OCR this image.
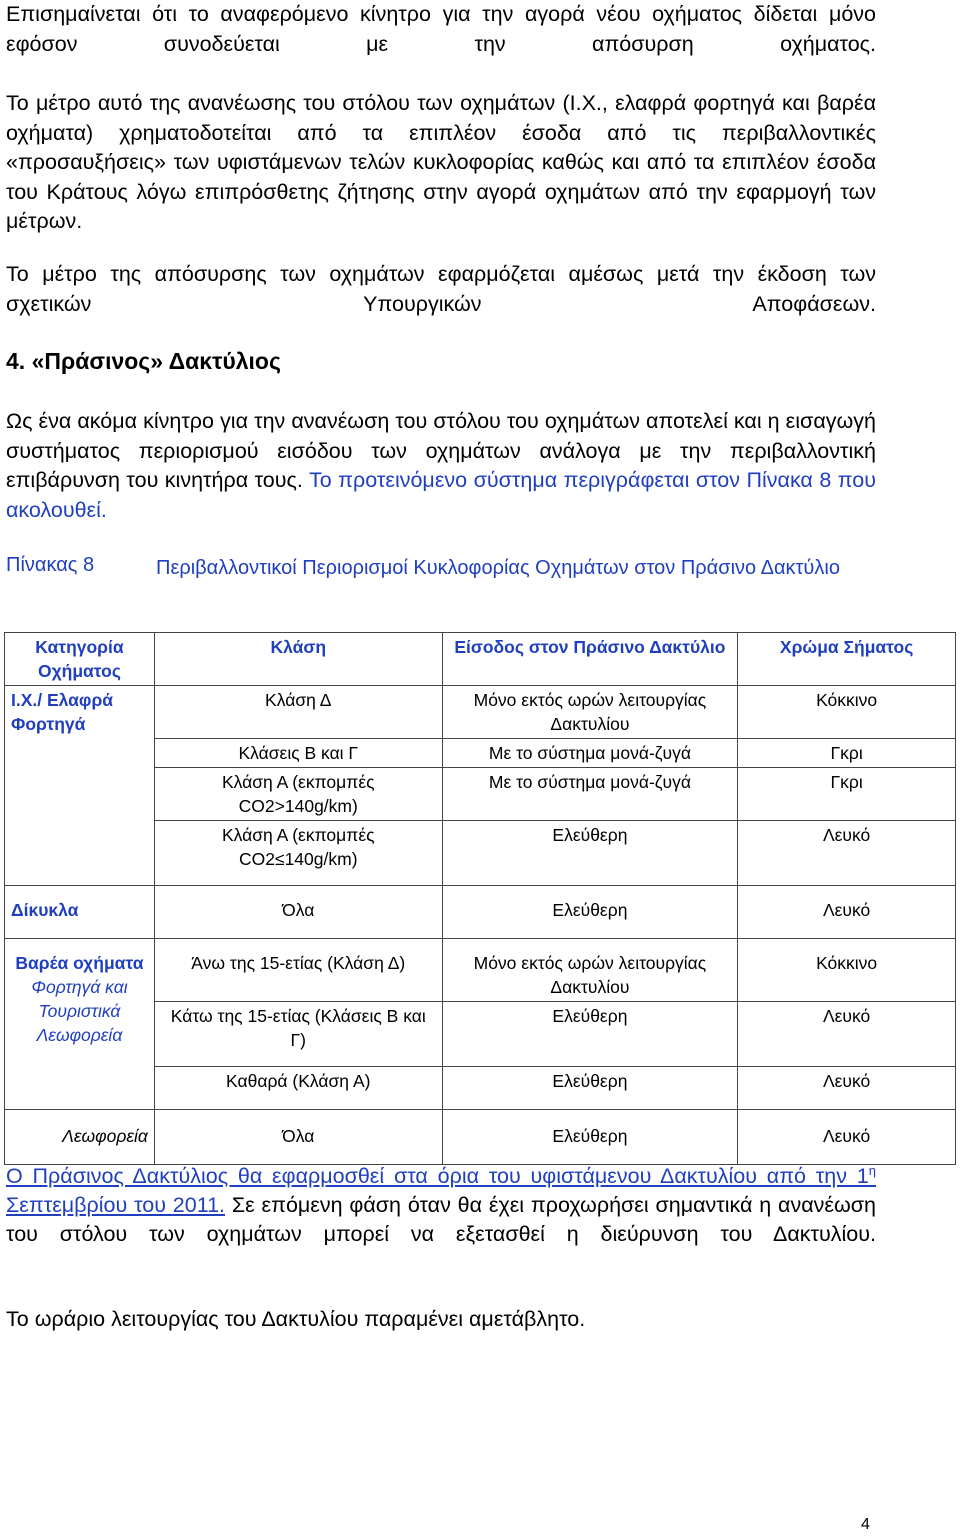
Επισημαίνεται ότι το αναφερόμενο κίνητρο για την αγορά νέου οχήματος δίδεται μόνο εφόσον συνοδεύεται με την απόσυρση οχήματος.

Το μέτρο αυτό της ανανέωσης του στόλου των οχημάτων (Ι.Χ., ελαφρά φορτηγά και βαρέα οχήματα) χρηματοδοτείται από τα επιπλέον έσοδα από τις περιβαλλοντικές «προσαυξήσεις» των υφιστάμενων τελών κυκλοφορίας καθώς και από τα επιπλέον έσοδα του Κράτους λόγω επιπρόσθετης ζήτησης στην αγορά οχημάτων από την εφαρμογή των μέτρων.

Το μέτρο της απόσυρσης των οχημάτων εφαρμόζεται αμέσως μετά την έκδοση των σχετικών Υπουργικών Αποφάσεων.

4. «Πράσινος» Δακτύλιος

Ως ένα ακόμα κίνητρο για την ανανέωση του στόλου του οχημάτων αποτελεί και η εισαγωγή συστήματος περιορισμού εισόδου των οχημάτων ανάλογα με την περιβαλλοντική επιβάρυνση του κινητήρα τους. Το προτεινόμενο σύστημα περιγράφεται στον Πίνακα 8 που ακολουθεί.

Πίνακας 8	Περιβαλλοντικοί Περιορισμοί Κυκλοφορίας Οχημάτων στον Πράσινο Δακτύλιο
Κατηγορία Οχήματος	Κλάση	Είσοδος στον Πράσινο Δακτύλιο	Χρώμα Σήματος
Ι.Χ./ Ελαφρά Φορτηγά	Κλάση Δ	Μόνο εκτός ωρών λειτουργίας Δακτυλίου	Κόκκινο
	Κλάσεις Β και Γ	Με το σύστημα μονά-ζυγά	Γκρι
	Κλάση Α (εκπομπές CO2>140g/km)	Με το σύστημα μονά-ζυγά	Γκρι
	Κλάση Α (εκπομπές CO2≤140g/km)	Ελεύθερη	Λευκό
Δίκυκλα	Όλα	Ελεύθερη	Λευκό

Βαρέα οχήματα
Φορτηγά και Τουριστικά Λεωφορεία	Άνω της 15-ετίας (Κλάση Δ)	Μόνο εκτός ωρών λειτουργίας Δακτυλίου	Κόκκινο
	Κάτω της 15-ετίας (Κλάσεις Β και Γ)	Ελεύθερη	Λευκό
	Καθαρά (Κλάση Α)	Ελεύθερη	Λευκό
Λεωφορεία	Όλα	Ελεύθερη	Λευκό

Ο Πράσινος Δακτύλιος θα εφαρμοσθεί στα όρια του υφιστάμενου Δακτυλίου από την $1^\eta$ Σεπτεμβρίου του 2011. Σε επόμενη φάση όταν θα έχει προχωρήσει σημαντικά η ανανέωση του στόλου των οχημάτων μπορεί να εξετασθεί η διεύρυνση του Δακτυλίου.

Το ωράριο λειτουργίας του Δακτυλίου παραμένει αμετάβλητο.

4
